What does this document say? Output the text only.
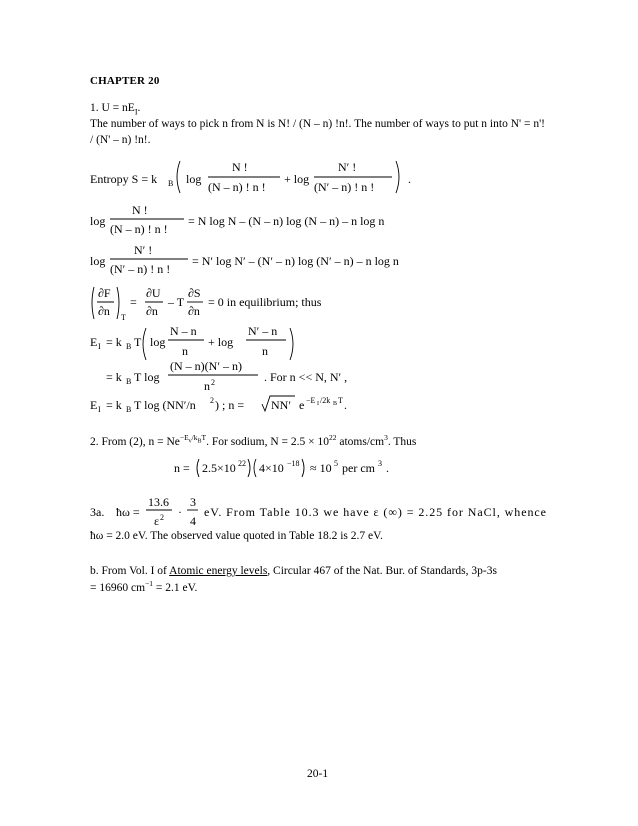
CHAPTER 20
1. $U = nE_I$.
The number of ways to pick n from N is N! / (N – n) !n!. The number of ways to put n into N' = n'! / (N' – n) !n!.
Entropy S = k B log
N !
(N – n) ! n !
+ log
N′ !
(N′ – n) ! n !
.
log
N !
(N – n) ! n !
= N log N – (N – n) log (N – n) – n log n
log
N′ !
(N′ – n) ! n !
= N′ log N′ – (N′ – n) log (N′ – n) – n log n
∂F
∂n T
=
∂U
∂n
– T
∂S
∂n
= 0 in equilibrium; thus
E I = k B T log
N – n
n
+ log
N′ – n
n
= k B T log
(N – n)(N′ – n)
n 2	. For n << N, N′ ,
E I = k B T log (NN′/n 2 ) ; n = NN′ e −E I /2k B T .
2. From (2), $n = Ne^{-E_v/k_BT}$. For sodium, $N = 2.5 \times 10^{22}$ atoms/$cm^3$. Thus
n = 2.5×10 22 4×10 −18 ≈ 10 5 per cm 3 .
3a. ħω =
13.6
ε 2 ·
3
4
eV. From Table 10.3 we have ε (∞) = 2.25 for NaCl, whence
ħω = 2.0 eV. The observed value quoted in Table 18.2 is 2.7 eV.
b. From Vol. I of Atomic energy levels, Circular 467 of the Nat. Bur. of Standards, 3p-3s
= 16960 $cm^{-1} = 2.1$ eV.
20-1
